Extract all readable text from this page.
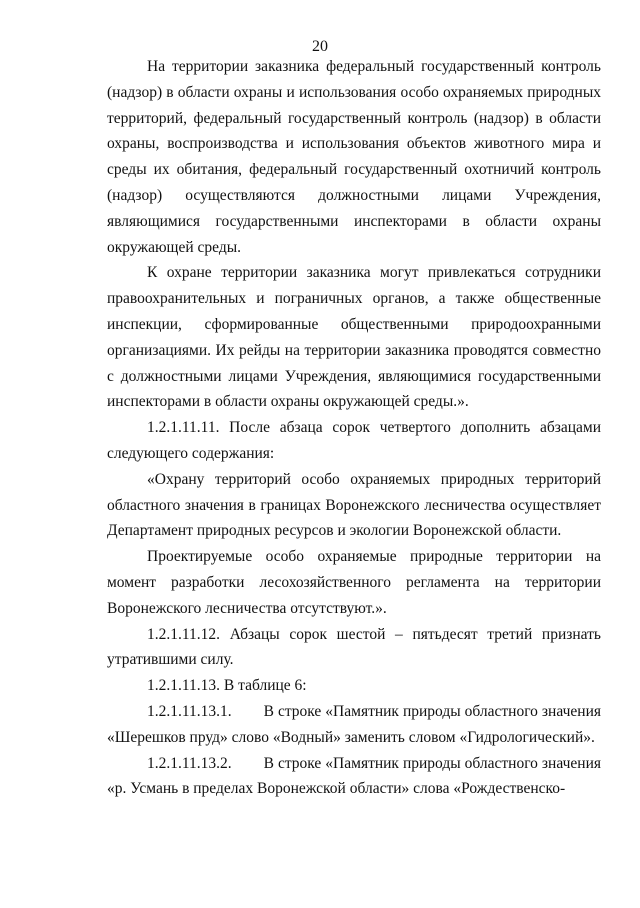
20

На территории заказника федеральный государственный контроль (надзор) в области охраны и использования особо охраняемых природных территорий, федеральный государственный контроль (надзор) в области охраны, воспроизводства и использования объектов животного мира и среды их обитания, федеральный государственный охотничий контроль (надзор) осуществляются должностными лицами Учреждения, являющимися государственными инспекторами в области охраны окружающей среды.

К охране территории заказника могут привлекаться сотрудники правоохранительных и пограничных органов, а также общественные инспекции, сформированные общественными природоохранными организациями. Их рейды на территории заказника проводятся совместно с должностными лицами Учреждения, являющимися государственными инспекторами в области охраны окружающей среды.».

1.2.1.11.11. После абзаца сорок четвертого дополнить абзацами следующего содержания:

«Охрану территорий особо охраняемых природных территорий областного значения в границах Воронежского лесничества осуществляет Департамент природных ресурсов и экологии Воронежской области.

Проектируемые особо охраняемые природные территории на момент разработки лесохозяйственного регламента на территории Воронежского лесничества отсутствуют.».

1.2.1.11.12. Абзацы сорок шестой – пятьдесят третий признать утратившими силу.

1.2.1.11.13. В таблице 6:

1.2.1.11.13.1.        В строке «Памятник природы областного значения «Шерешков пруд» слово «Водный» заменить словом «Гидрологический».

1.2.1.11.13.2.        В строке «Памятник природы областного значения «р. Усмань в пределах Воронежской области» слова «Рождественско-
